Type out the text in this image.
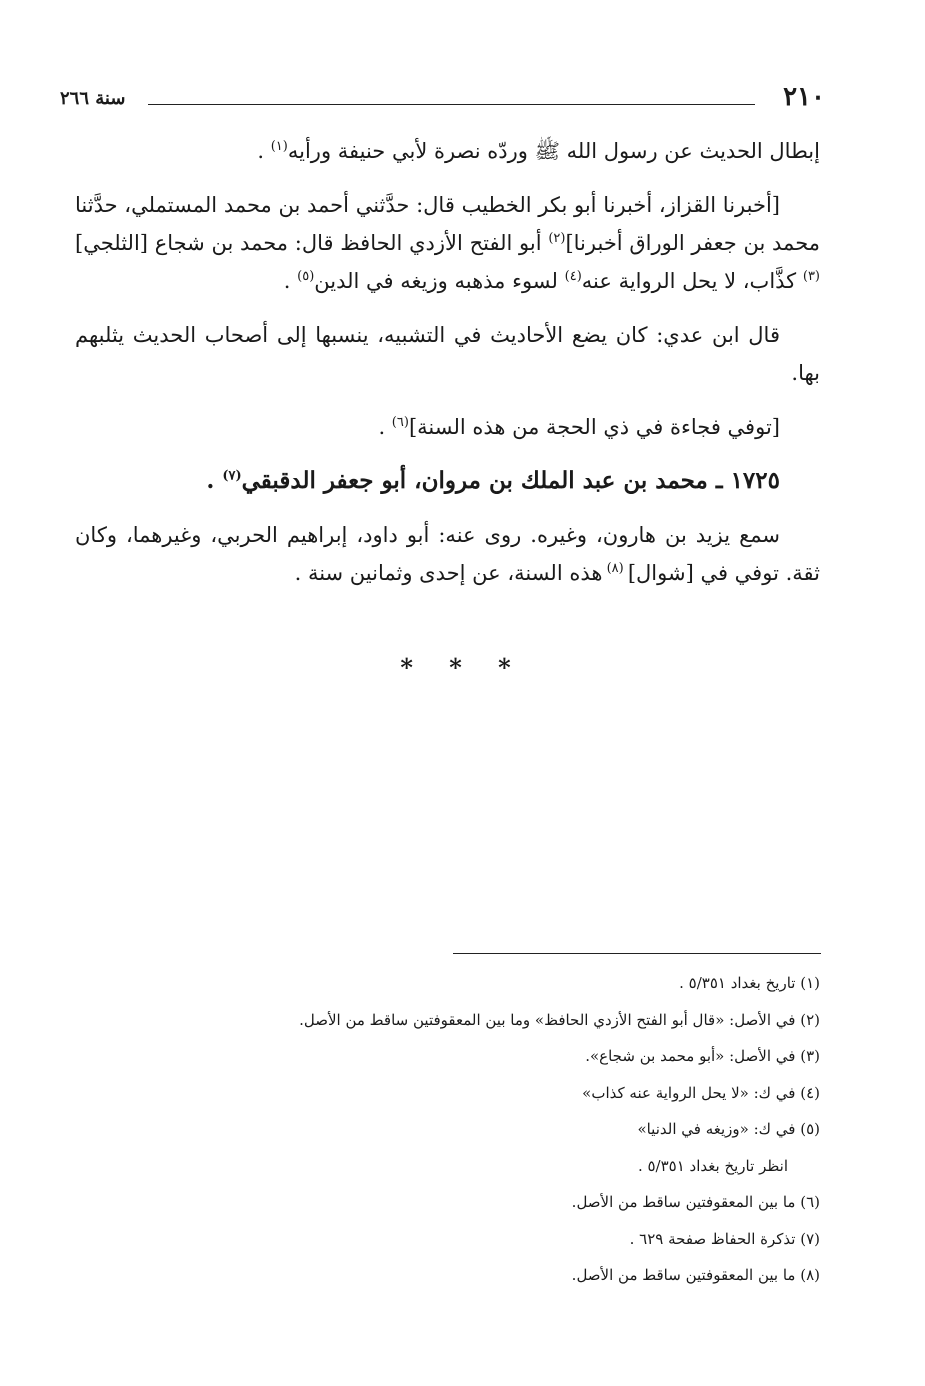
٢١٠
سنة ٢٦٦

إبطال الحديث عن رسول الله ﷺ وردّه نصرة لأبي حنيفة ورأيه$^{(١)}$ .

[أخبرنا القزاز، أخبرنا أبو بكر الخطيب قال: حدَّثني أحمد بن محمد المستملي، حدَّثنا محمد بن جعفر الوراق أخبرنا]$^{(٢)}$ أبو الفتح الأزدي الحافظ قال: محمد بن شجاع [الثلجي]$^{(٣)}$ كذَّاب، لا يحل الرواية عنه$^{(٤)}$ لسوء مذهبه وزيغه في الدين$^{(٥)}$ .

قال ابن عدي: كان يضع الأحاديث في التشبيه، ينسبها إلى أصحاب الحديث يثلبهم بها.

[توفي فجاءة في ذي الحجة من هذه السنة]$^{(٦)}$ .

١٧٢٥ ـ محمد بن عبد الملك بن مروان، أبو جعفر الدقبقي$^{(٧)}$ .

سمع يزيد بن هارون، وغيره. روى عنه: أبو داود، إبراهيم الحربي، وغيرهما، وكان ثقة. توفي في [شوال] $^{(٨)}$ هذه السنة، عن إحدى وثمانين سنة .

* * *
(١) تاريخ بغداد ٥/٣٥١ .
(٢) في الأصل: «قال أبو الفتح الأزدي الحافظ» وما بين المعقوفتين ساقط من الأصل.
(٣) في الأصل: «أبو محمد بن شجاع».
(٤) في ك: «لا يحل الرواية عنه كذاب»
(٥) في ك: «وزيغه في الدنيا»
انظر تاريخ بغداد ٥/٣٥١ .
(٦) ما بين المعقوفتين ساقط من الأصل.
(٧) تذكرة الحفاظ صفحة ٦٢٩ .
(٨) ما بين المعقوفتين ساقط من الأصل.
